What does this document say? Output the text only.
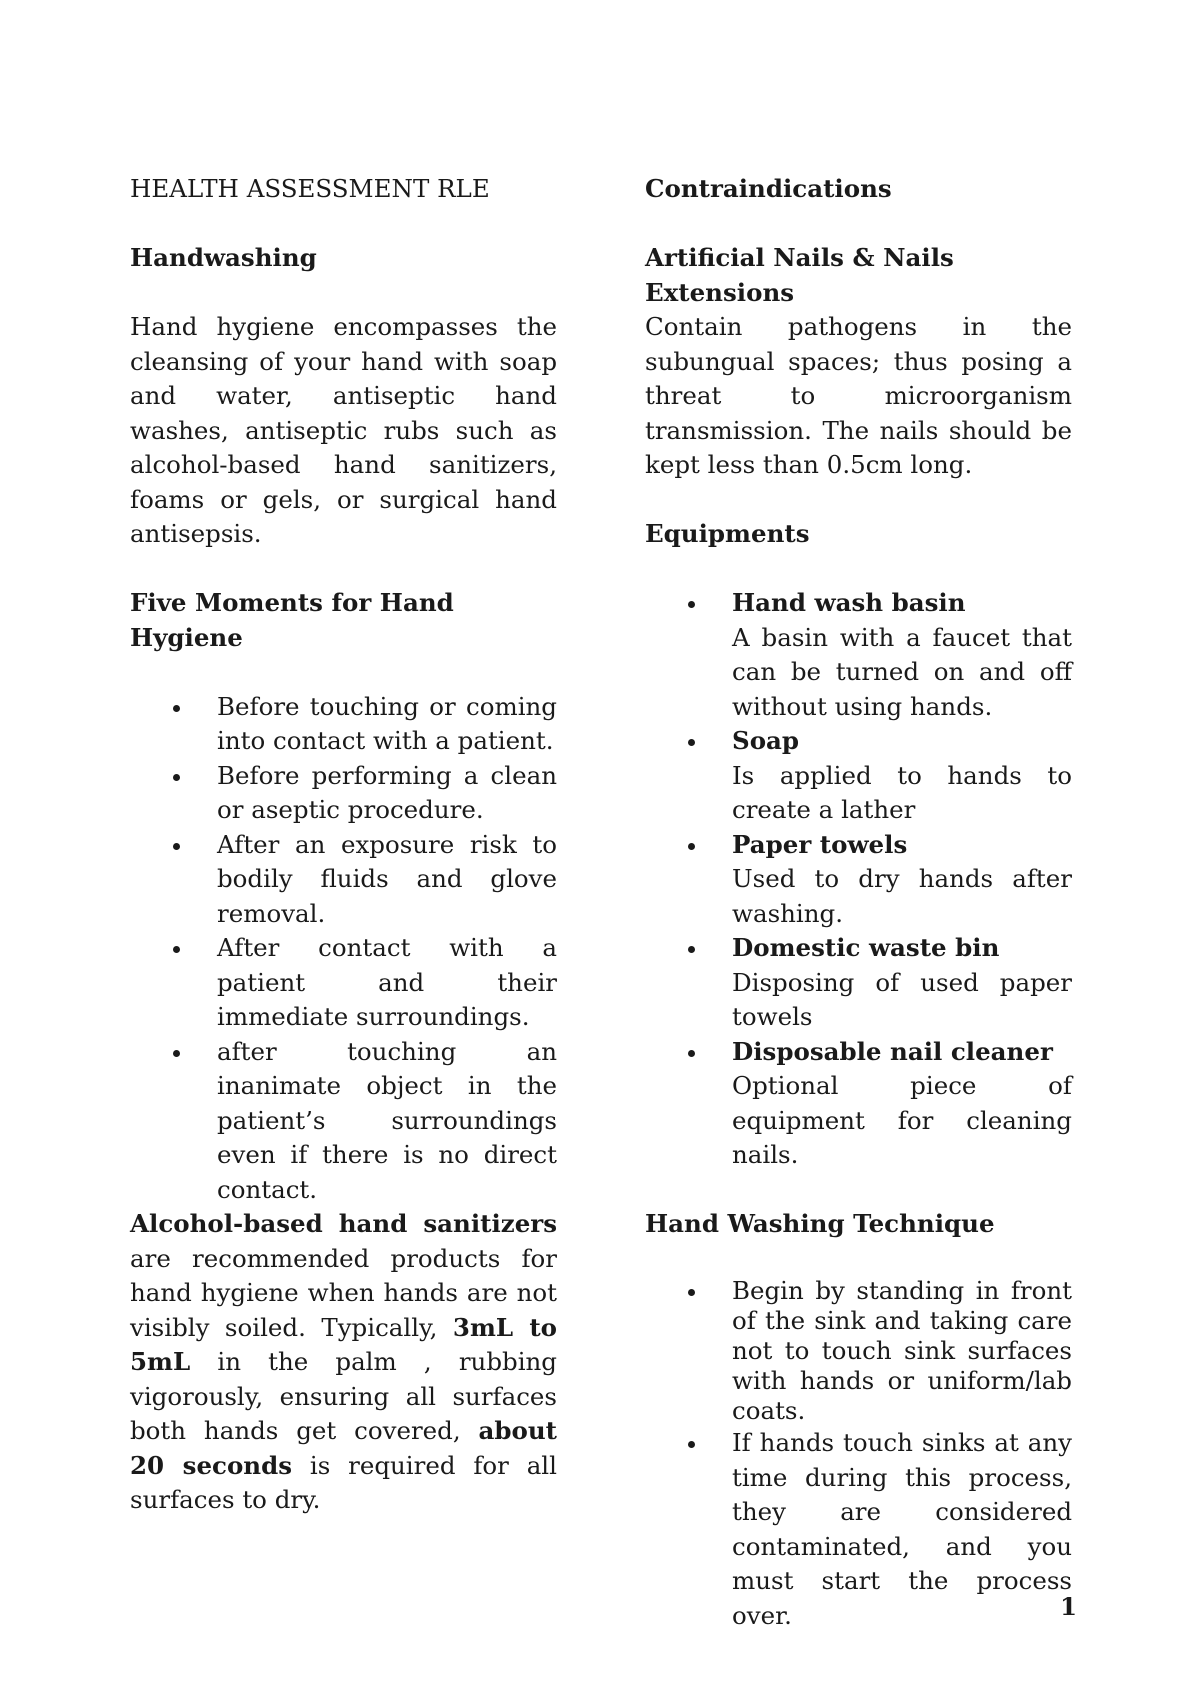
HEALTH ASSESSMENT RLE

Handwashing

Hand hygiene encompasses the cleansing of your hand with soap and water, antiseptic hand washes, antiseptic rubs such as alcohol-based hand sanitizers, foams or gels, or surgical hand antisepsis.

Five Moments for Hand Hygiene

Before touching or coming into contact with a patient.
Before performing a clean or aseptic procedure.
After an exposure risk to bodily fluids and glove removal.
After contact with a patient and their immediate surroundings.
after touching an inanimate object in the patient’s surroundings even if there is no direct contact.

Alcohol-based hand sanitizers are recommended products for hand hygiene when hands are not visibly soiled. Typically, 3mL to 5mL in the palm , rubbing vigorously, ensuring all surfaces both hands get covered, about 20 seconds is required for all surfaces to dry.

Contraindications

Artificial Nails & Nails Extensions

Contain pathogens in the subungual spaces; thus posing a threat to microorganism transmission. The nails should be kept less than 0.5cm long.

Equipments

Hand wash basin
A basin with a faucet that can be turned on and off without using hands.
Soap
Is applied to hands to create a lather
Paper towels
Used to dry hands after washing.
Domestic waste bin
Disposing of used paper towels
Disposable nail cleaner
Optional piece of equipment for cleaning nails.

Hand Washing Technique

Begin by standing in front of the sink and taking care not to touch sink surfaces with hands or uniform/lab coats.
If hands touch sinks at any time during this process, they are considered contaminated, and you must start the process over.	1
